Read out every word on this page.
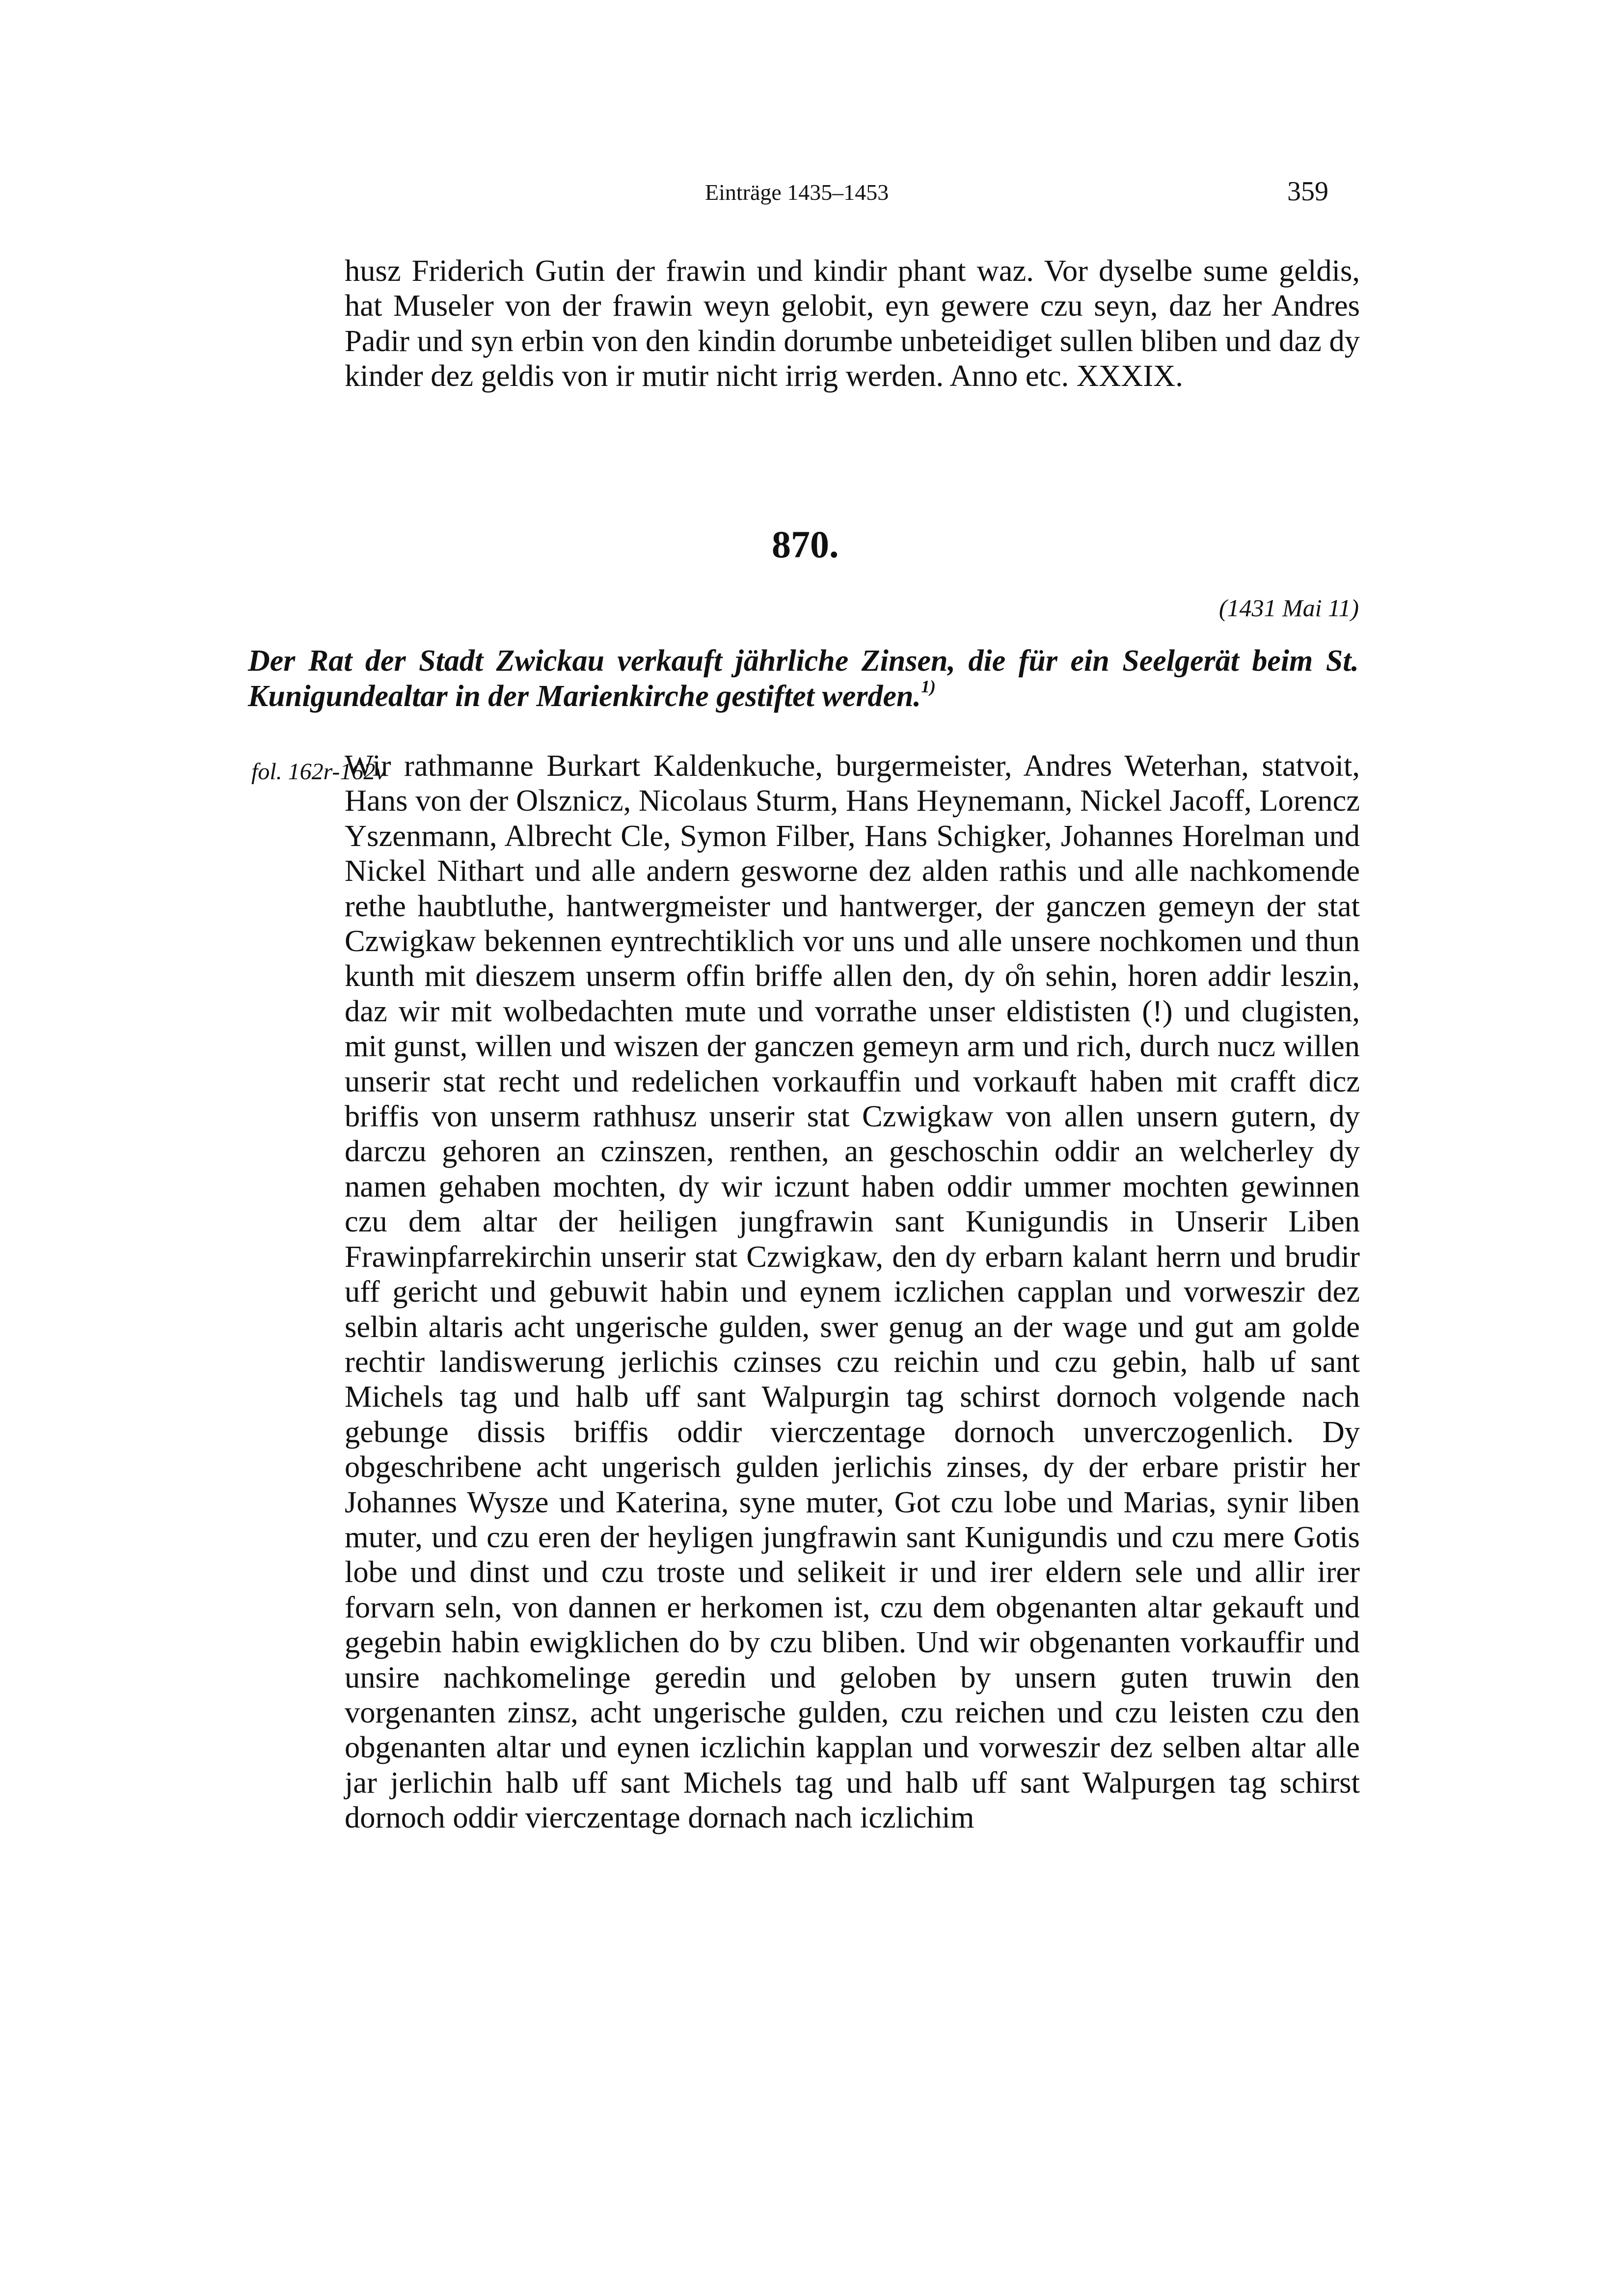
Einträge 1435–1453	359

husz Friderich Gutin der frawin und kindir phant waz. Vor dyselbe sume geldis, hat Museler von der frawin weyn gelobit, eyn gewere czu seyn, daz her Andres Padir und syn erbin von den kindin dorumbe unbeteidiget sullen bliben und daz dy kinder dez geldis von ir mutir nicht irrig werden. Anno etc. XXXIX.

870.
(1431 Mai 11)

Der Rat der Stadt Zwickau verkauft jährliche Zinsen, die für ein Seelgerät beim St. Kunigundealtar in der Marienkirche gestiftet werden.$^{1)}$

fol. 162r-162v

Wir rathmanne Burkart Kaldenkuche, burgermeister, Andres Weterhan, statvoit, Hans von der Olsznicz, Nicolaus Sturm, Hans Heynemann, Nickel Jacoff, Lorencz Yszenmann, Albrecht Cle, Symon Filber, Hans Schigker, Johannes Horelman und Nickel Nithart und alle andern gesworne dez alden rathis und alle nachkomende rethe haubtluthe, hantwergmeister und hantwerger, der ganczen gemeyn der stat Czwigkaw bekennen eyntrechtiklich vor uns und alle unsere nochkomen und thun kunth mit dieszem unserm offin briffe allen den, dy o̊n sehin, horen addir leszin, daz wir mit wolbedachten mute und vorrathe unser eldististen (!) und clugisten, mit gunst, willen und wiszen der ganczen gemeyn arm und rich, durch nucz willen unserir stat recht und redelichen vorkauffin und vorkauft haben mit crafft dicz briffis von unserm rathhusz unserir stat Czwigkaw von allen unsern gutern, dy darczu gehoren an czinszen, renthen, an geschoschin oddir an welcherley dy namen gehaben mochten, dy wir iczunt haben oddir ummer mochten gewinnen czu dem altar der heiligen jungfrawin sant Kunigundis in Unserir Liben Frawinpfarrekirchin unserir stat Czwigkaw, den dy erbarn kalant herrn und brudir uff gericht und gebuwit habin und eynem iczlichen capplan und vorweszir dez selbin altaris acht ungerische gulden, swer genug an der wage und gut am golde rechtir landiswerung jerlichis czinses czu reichin und czu gebin, halb uf sant Michels tag und halb uff sant Walpurgin tag schirst dornoch volgende nach gebunge dissis briffis oddir vierczentage dornoch unverczogenlich. Dy obgeschribene acht ungerisch gulden jerlichis zinses, dy der erbare pristir her Johannes Wysze und Katerina, syne muter, Got czu lobe und Marias, synir liben muter, und czu eren der heyligen jungfrawin sant Kunigundis und czu mere Gotis lobe und dinst und czu troste und selikeit ir und irer eldern sele und allir irer forvarn seln, von dannen er herkomen ist, czu dem obgenanten altar gekauft und gegebin habin ewigklichen do by czu bliben. Und wir obgenanten vorkauffir und unsire nachkomelinge geredin und geloben by unsern guten truwin den vorgenanten zinsz, acht ungerische gulden, czu reichen und czu leisten czu den obgenanten altar und eynen iczlichin kapplan und vorweszir dez selben altar alle jar jerlichin halb uff sant Michels tag und halb uff sant Walpurgen tag schirst dornoch oddir vierczentage dornach nach iczlichim
